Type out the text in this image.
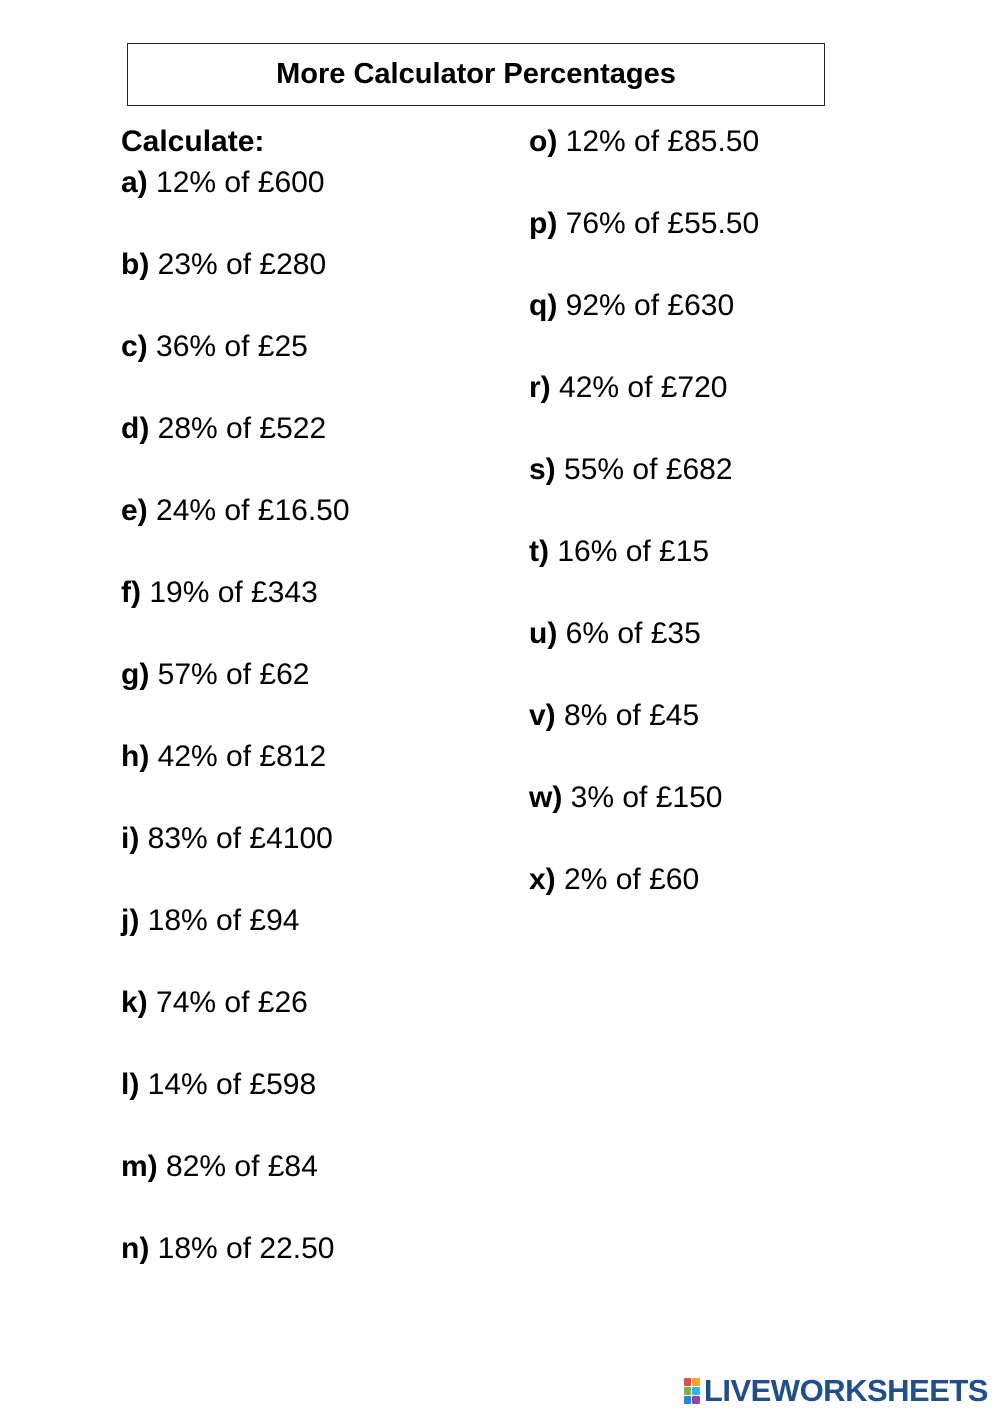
More Calculator Percentages
Calculate:
a) 12% of £600
b) 23% of £280
c) 36% of £25
d) 28% of £522
e) 24% of £16.50
f) 19% of £343
g) 57% of £62
h) 42% of £812
i) 83% of £4100
j) 18% of £94
k) 74% of £26
l) 14% of £598
m) 82% of £84
n) 18% of 22.50
o) 12% of £85.50
p) 76% of £55.50
q) 92% of £630
r) 42% of £720
s) 55% of £682
t) 16% of £15
u) 6% of £35
v) 8% of £45
w) 3% of £150
x) 2% of £60
LIVEWORKSHEETS
